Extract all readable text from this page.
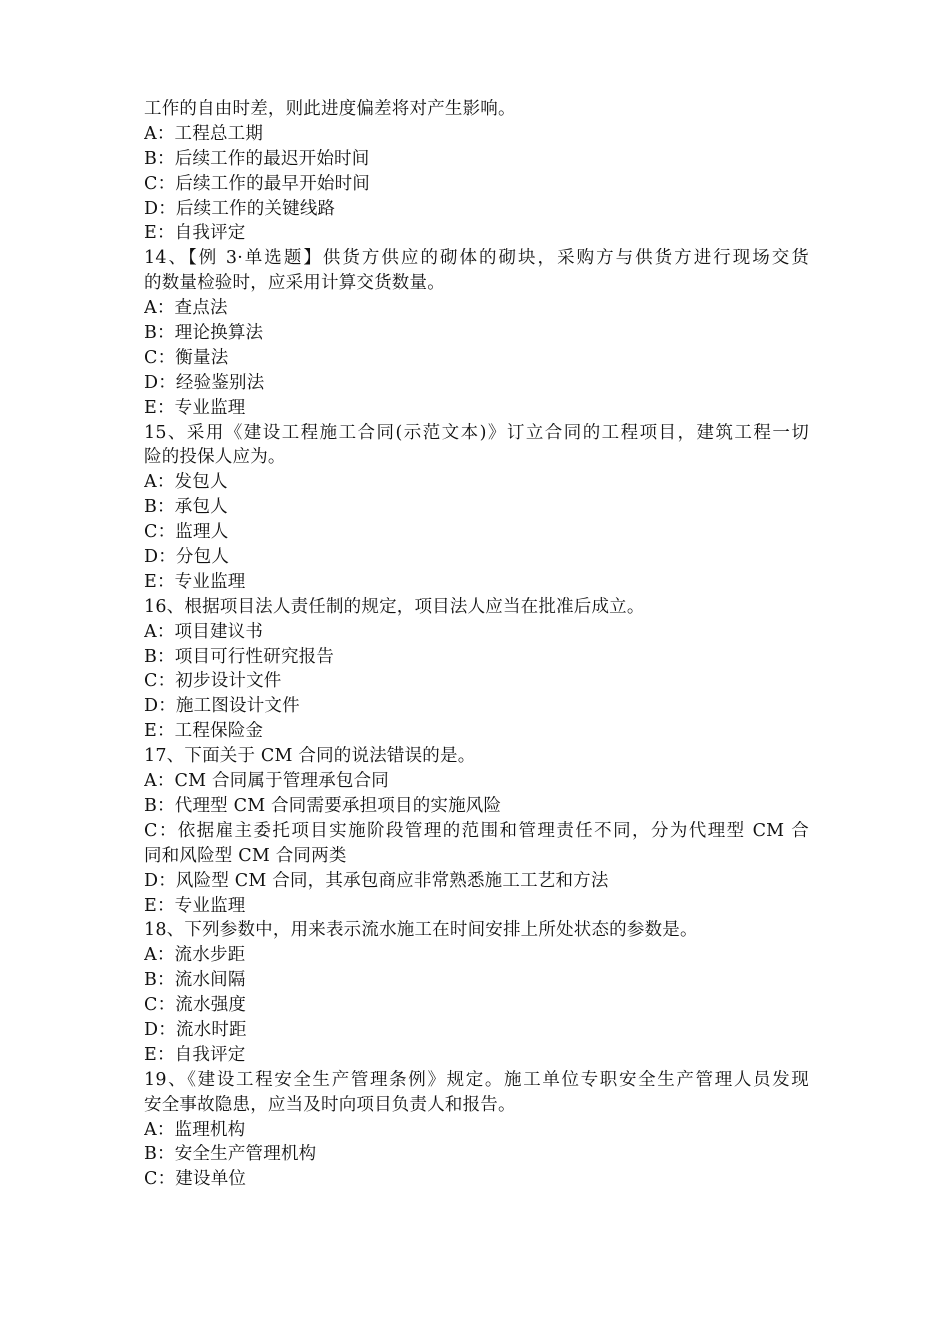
工作的自由时差，则此进度偏差将对产生影响。
A：工程总工期
B：后续工作的最迟开始时间
C：后续工作的最早开始时间
D：后续工作的关键线路
E：自我评定
14、【例 3·单选题】供货方供应的砌体的砌块，采购方与供货方进行现场交货
的数量检验时，应采用计算交货数量。
A：查点法
B：理论换算法
C：衡量法
D：经验鉴别法
E：专业监理
15、采用《建设工程施工合同(示范文本)》订立合同的工程项目，建筑工程一切
险的投保人应为。
A：发包人
B：承包人
C：监理人
D：分包人
E：专业监理
16、根据项目法人责任制的规定，项目法人应当在批准后成立。
A：项目建议书
B：项目可行性研究报告
C：初步设计文件
D：施工图设计文件
E：工程保险金
17、下面关于 CM 合同的说法错误的是。
A：CM 合同属于管理承包合同
B：代理型 CM 合同需要承担项目的实施风险
C：依据雇主委托项目实施阶段管理的范围和管理责任不同，分为代理型 CM 合
同和风险型 CM 合同两类
D：风险型 CM 合同，其承包商应非常熟悉施工工艺和方法
E：专业监理
18、下列参数中，用来表示流水施工在时间安排上所处状态的参数是。
A：流水步距
B：流水间隔
C：流水强度
D：流水时距
E：自我评定
19、《建设工程安全生产管理条例》规定。施工单位专职安全生产管理人员发现
安全事故隐患，应当及时向项目负责人和报告。
A：监理机构
B：安全生产管理机构
C：建设单位
